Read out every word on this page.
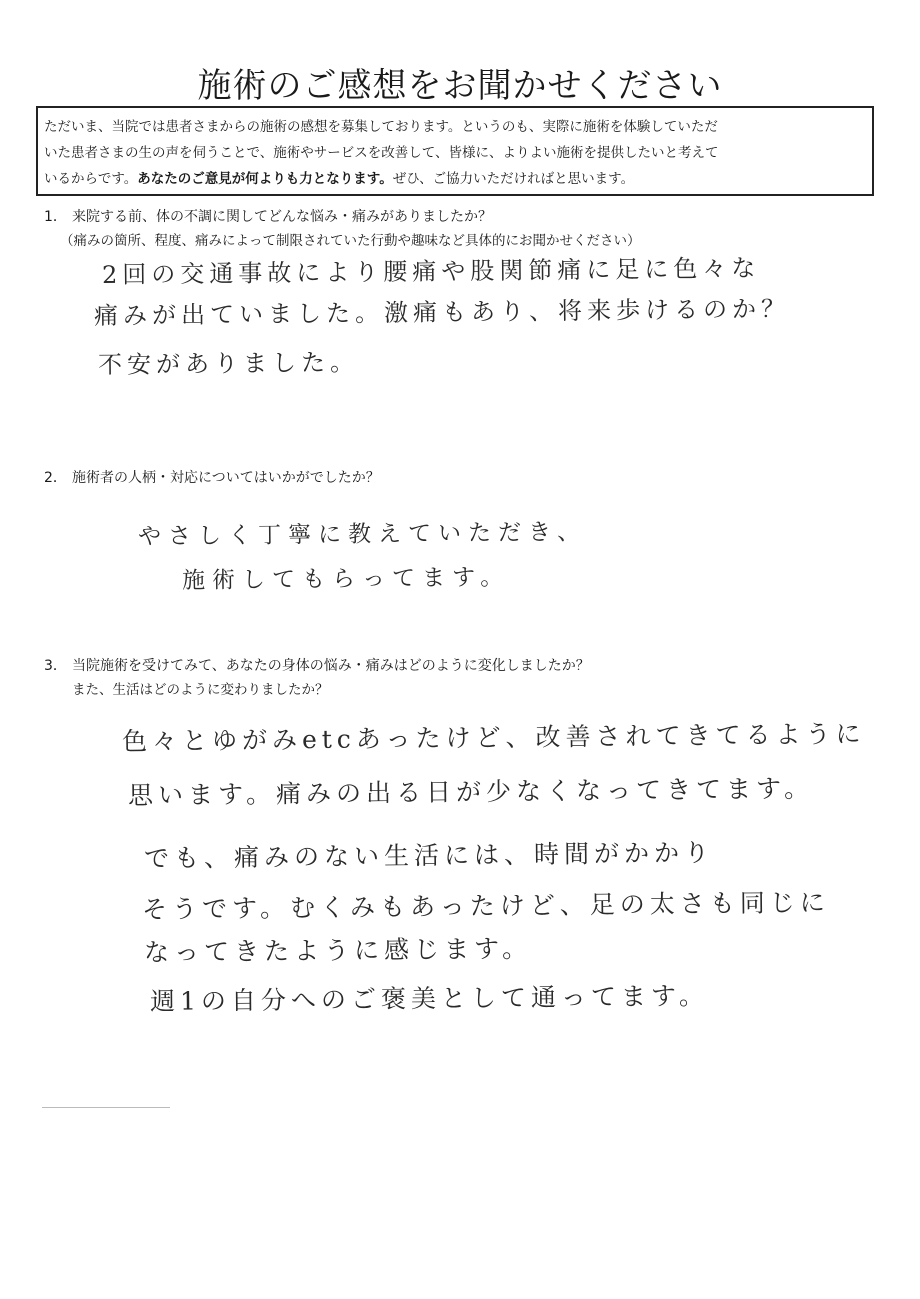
施術のご感想をお聞かせください

ただいま、当院では患者さまからの施術の感想を募集しております。というのも、実際に施術を体験していただ

いた患者さまの生の声を伺うことで、施術やサービスを改善して、皆様に、よりよい施術を提供したいと考えて

いるからです。あなたのご意見が何よりも力となります。ぜひ、ご協力いただければと思います。

1． 来院する前、体の不調に関してどんな悩み・痛みがありましたか？
（痛みの箇所、程度、痛みによって制限されていた行動や趣味など具体的にお聞かせください）
2回の交通事故により腰痛や股関節痛に足に色々な
痛みが出ていました。激痛もあり、将来歩けるのか？
不安がありました。
2． 施術者の人柄・対応についてはいかがでしたか？
やさしく丁寧に教えていただき、
施術してもらってます。
3． 当院施術を受けてみて、あなたの身体の悩み・痛みはどのように変化しましたか？
また、生活はどのように変わりましたか？
色々とゆがみetcあったけど、改善されてきてるように
思います。痛みの出る日が少なくなってきてます。
でも、痛みのない生活には、時間がかかり
そうです。むくみもあったけど、足の太さも同じに
なってきたように感じます。
週1の自分へのご褒美として通ってます。
